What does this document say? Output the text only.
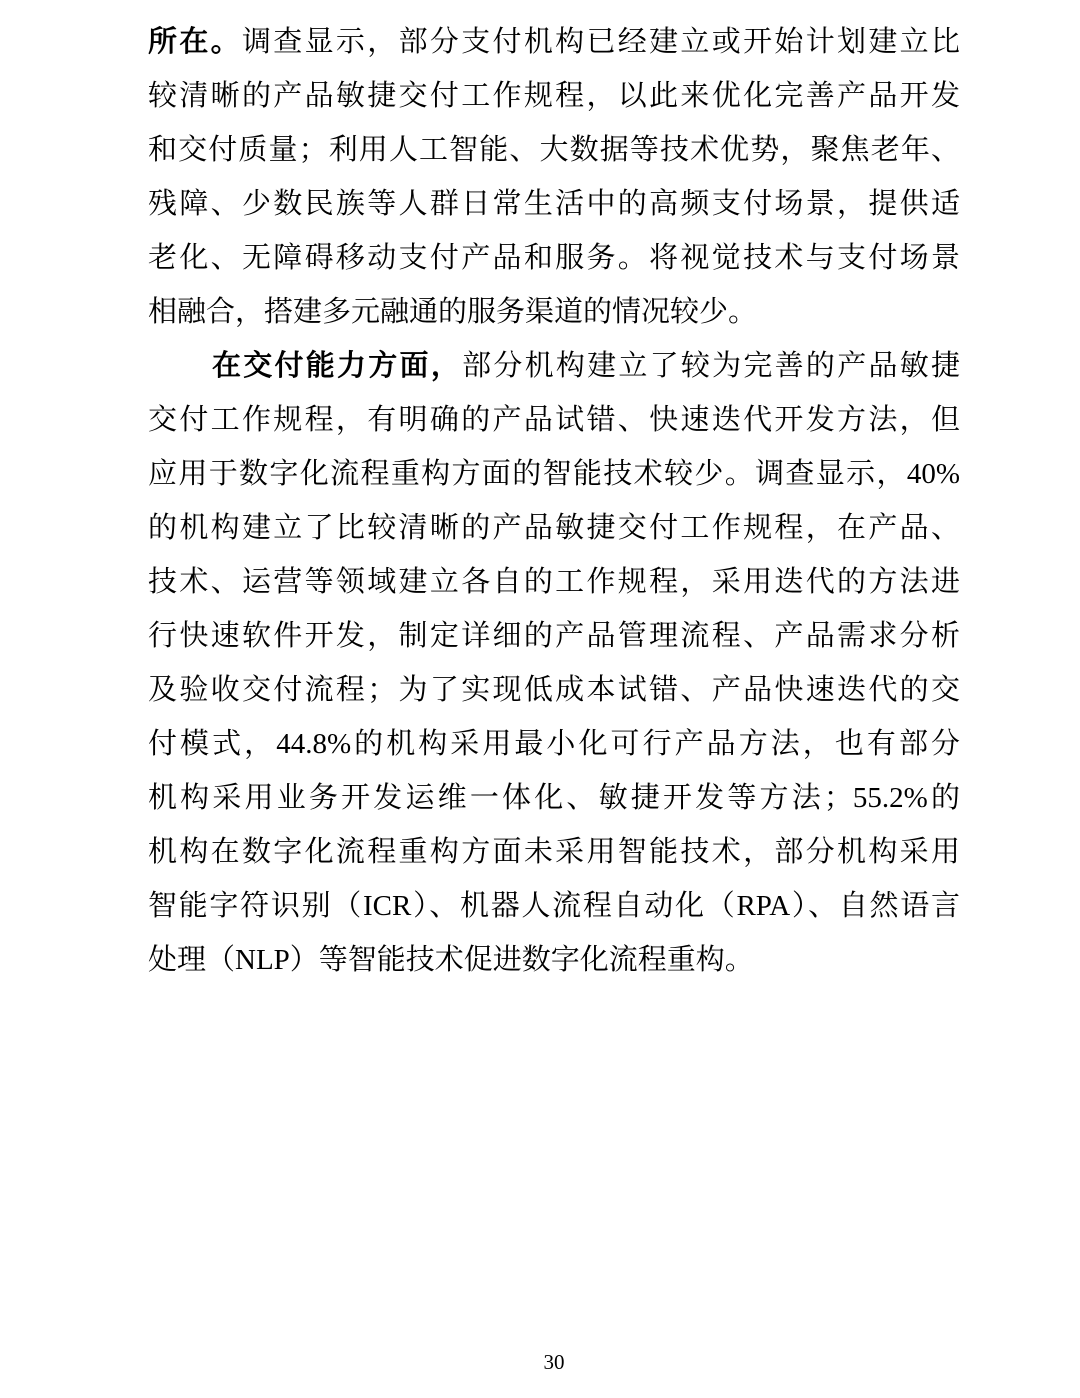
所在。调查显示，部分支付机构已经建立或开始计划建立比
较清晰的产品敏捷交付工作规程，以此来优化完善产品开发
和交付质量；利用人工智能、大数据等技术优势，聚焦老年、
残障、少数民族等人群日常生活中的高频支付场景，提供适
老化、无障碍移动支付产品和服务。将视觉技术与支付场景
相融合，搭建多元融通的服务渠道的情况较少。
在交付能力方面，部分机构建立了较为完善的产品敏捷
交付工作规程，有明确的产品试错、快速迭代开发方法，但
应用于数字化流程重构方面的智能技术较少。调查显示，40%
的机构建立了比较清晰的产品敏捷交付工作规程，在产品、
技术、运营等领域建立各自的工作规程，采用迭代的方法进
行快速软件开发，制定详细的产品管理流程、产品需求分析
及验收交付流程；为了实现低成本试错、产品快速迭代的交
付模式，44.8%的机构采用最小化可行产品方法，也有部分
机构采用业务开发运维一体化、敏捷开发等方法；55.2%的
机构在数字化流程重构方面未采用智能技术，部分机构采用
智能字符识别（ICR）、机器人流程自动化（RPA）、自然语言
处理（NLP）等智能技术促进数字化流程重构。
30
